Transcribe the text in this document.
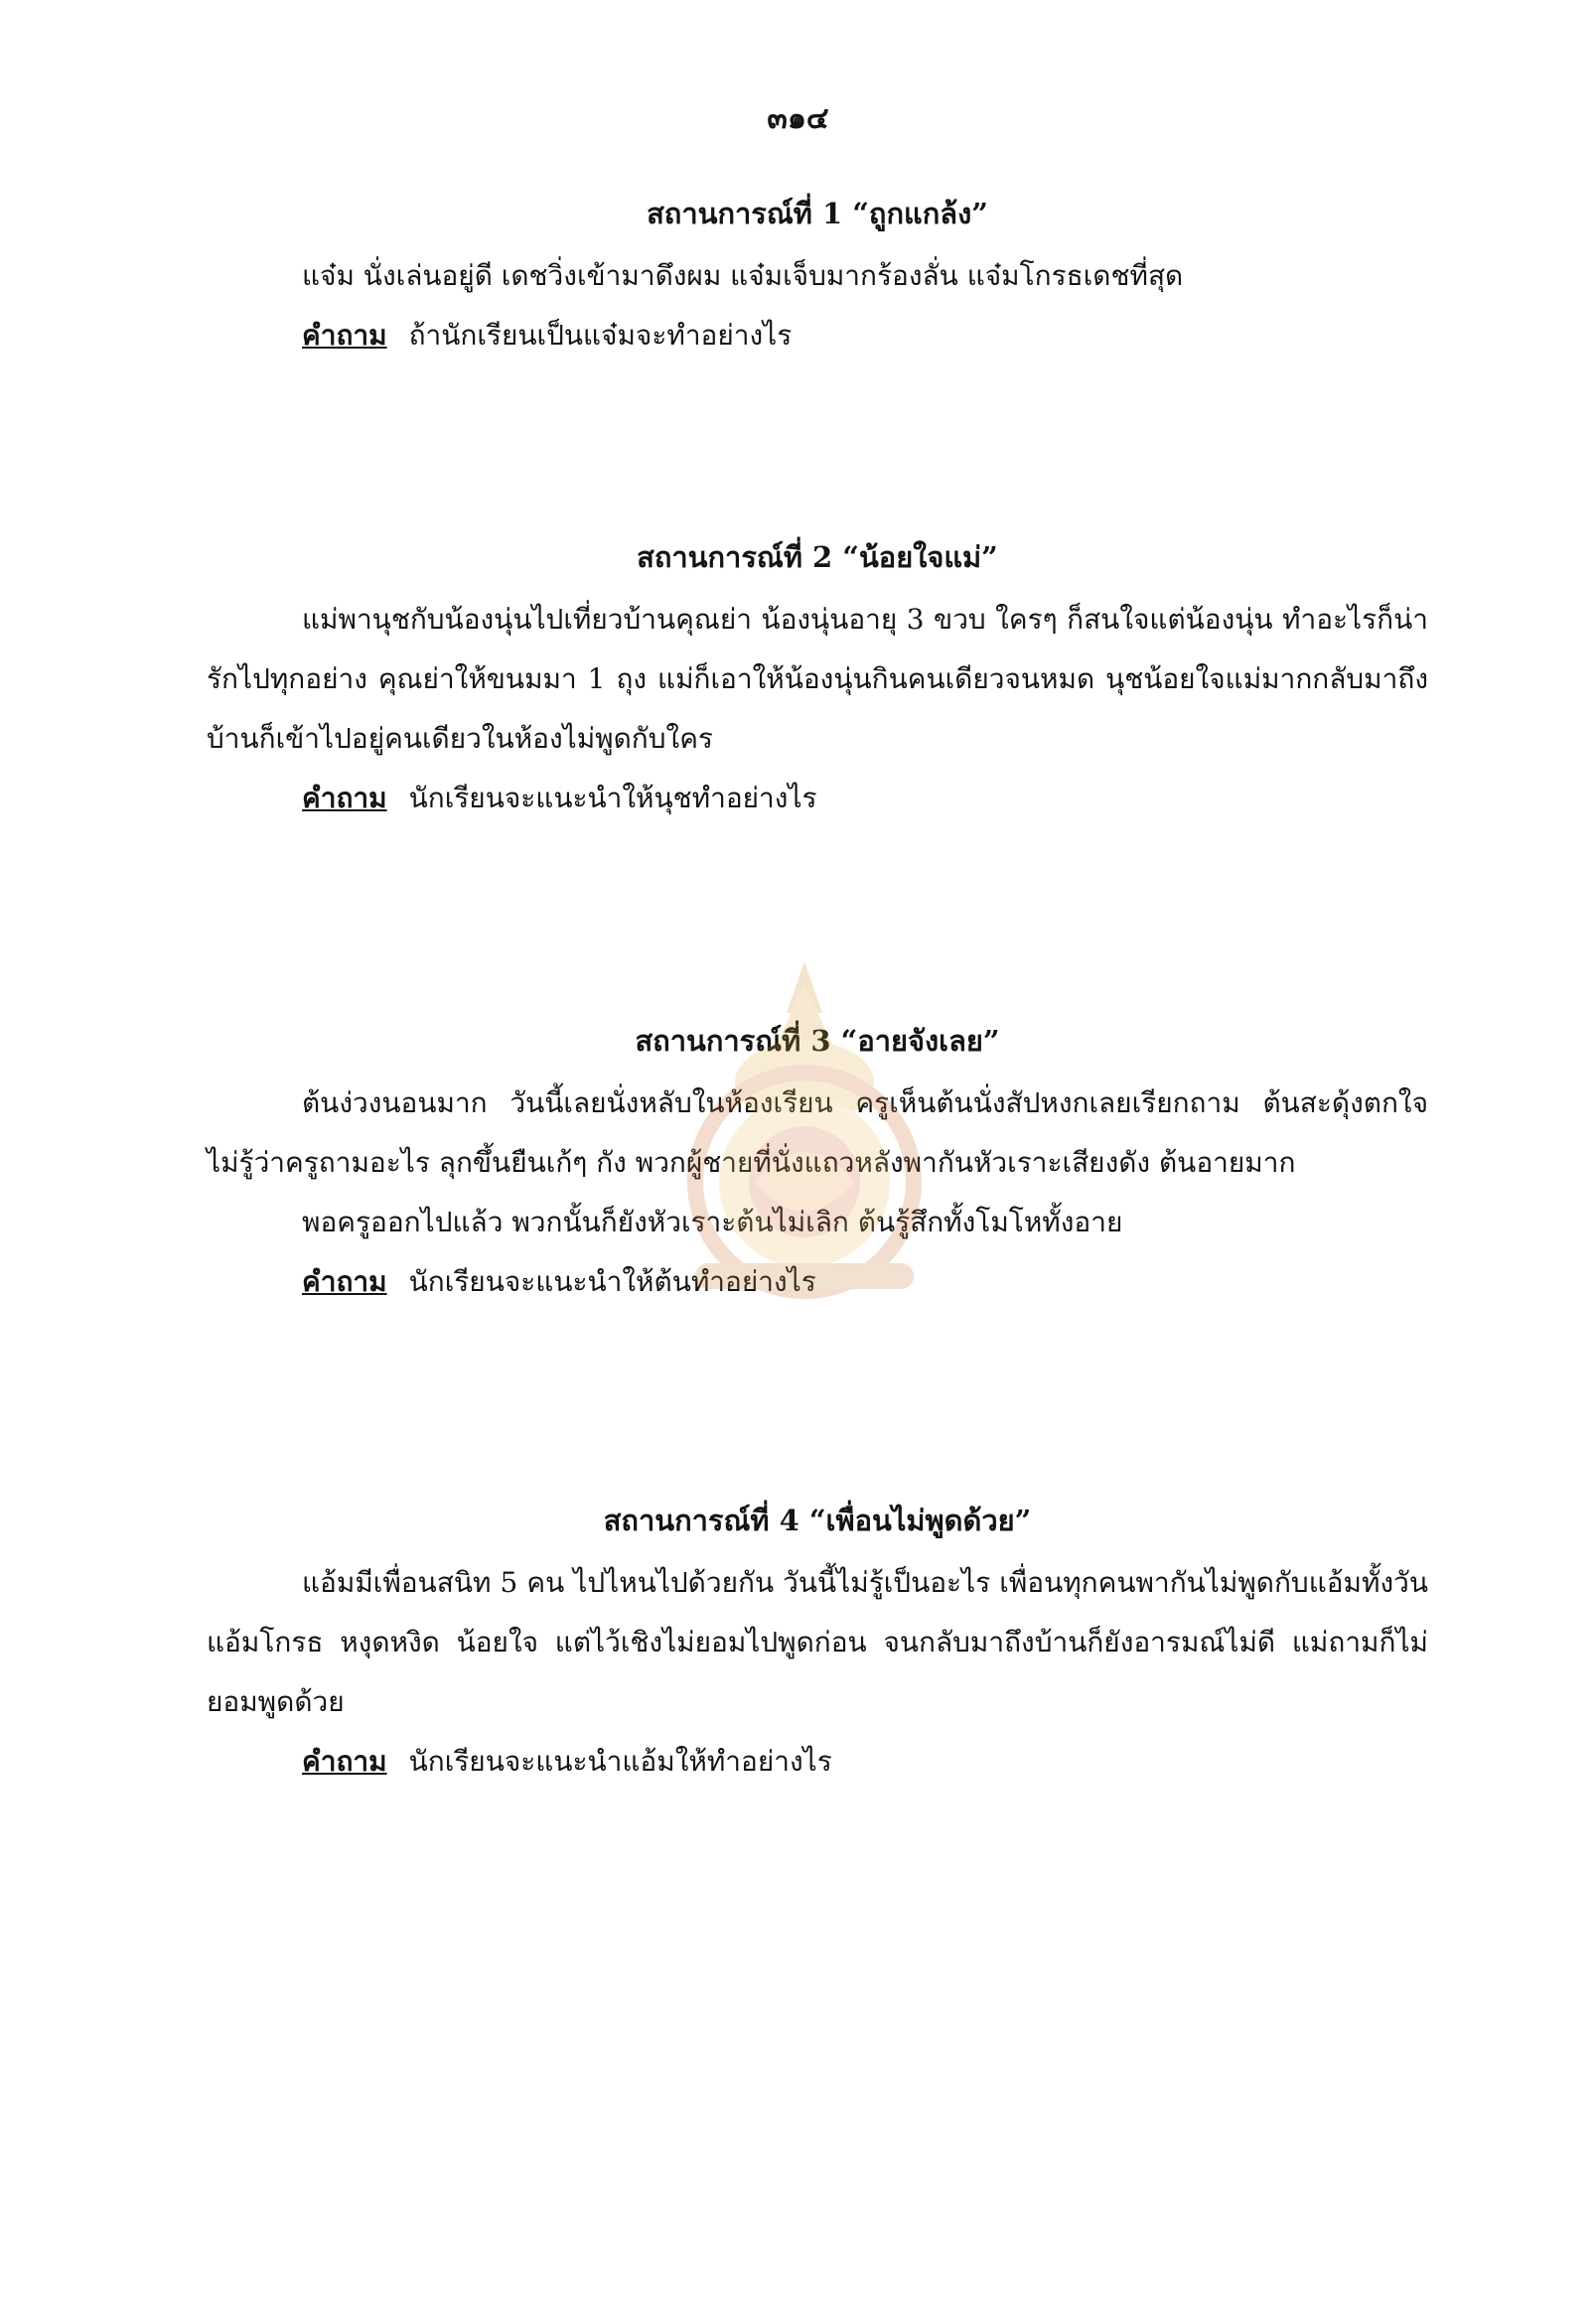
๓๑๔
สถานการณ์ที่ 1 “ถูกแกล้ง”

แจ๋ม นั่งเล่นอยู่ดี เดชวิ่งเข้ามาดึงผม แจ๋มเจ็บมากร้องลั่น แจ๋มโกรธเดชที่สุด

คำถาม ถ้านักเรียนเป็นแจ๋มจะทำอย่างไร

สถานการณ์ที่ 2 “น้อยใจแม่”

แม่พานุชกับน้องนุ่นไปเที่ยวบ้านคุณย่า น้องนุ่นอายุ 3 ขวบ ใครๆ ก็สนใจแต่น้องนุ่น ทำอะไรก็น่ารักไปทุกอย่าง คุณย่าให้ขนมมา 1 ถุง แม่ก็เอาให้น้องนุ่นกินคนเดียวจนหมด นุชน้อยใจแม่มากกลับมาถึงบ้านก็เข้าไปอยู่คนเดียวในห้องไม่พูดกับใคร

คำถาม นักเรียนจะแนะนำให้นุชทำอย่างไร

สถานการณ์ที่ 3 “อายจังเลย”

ต้นง่วงนอนมาก วันนี้เลยนั่งหลับในห้องเรียน ครูเห็นต้นนั่งสัปหงกเลยเรียกถาม ต้นสะดุ้งตกใจไม่รู้ว่าครูถามอะไร ลุกขึ้นยืนเก้ๆ กัง พวกผู้ชายที่นั่งแถวหลังพากันหัวเราะเสียงดัง ต้นอายมาก

พอครูออกไปแล้ว พวกนั้นก็ยังหัวเราะต้นไม่เลิก ต้นรู้สึกทั้งโมโหทั้งอาย

คำถาม นักเรียนจะแนะนำให้ต้นทำอย่างไร

สถานการณ์ที่ 4 “เพื่อนไม่พูดด้วย”

แอ้มมีเพื่อนสนิท 5 คน ไปไหนไปด้วยกัน วันนี้ไม่รู้เป็นอะไร เพื่อนทุกคนพากันไม่พูดกับแอ้มทั้งวัน แอ้มโกรธ หงุดหงิด น้อยใจ แต่ไว้เชิงไม่ยอมไปพูดก่อน จนกลับมาถึงบ้านก็ยังอารมณ์ไม่ดี แม่ถามก็ไม่ยอมพูดด้วย

คำถาม นักเรียนจะแนะนำแอ้มให้ทำอย่างไร
